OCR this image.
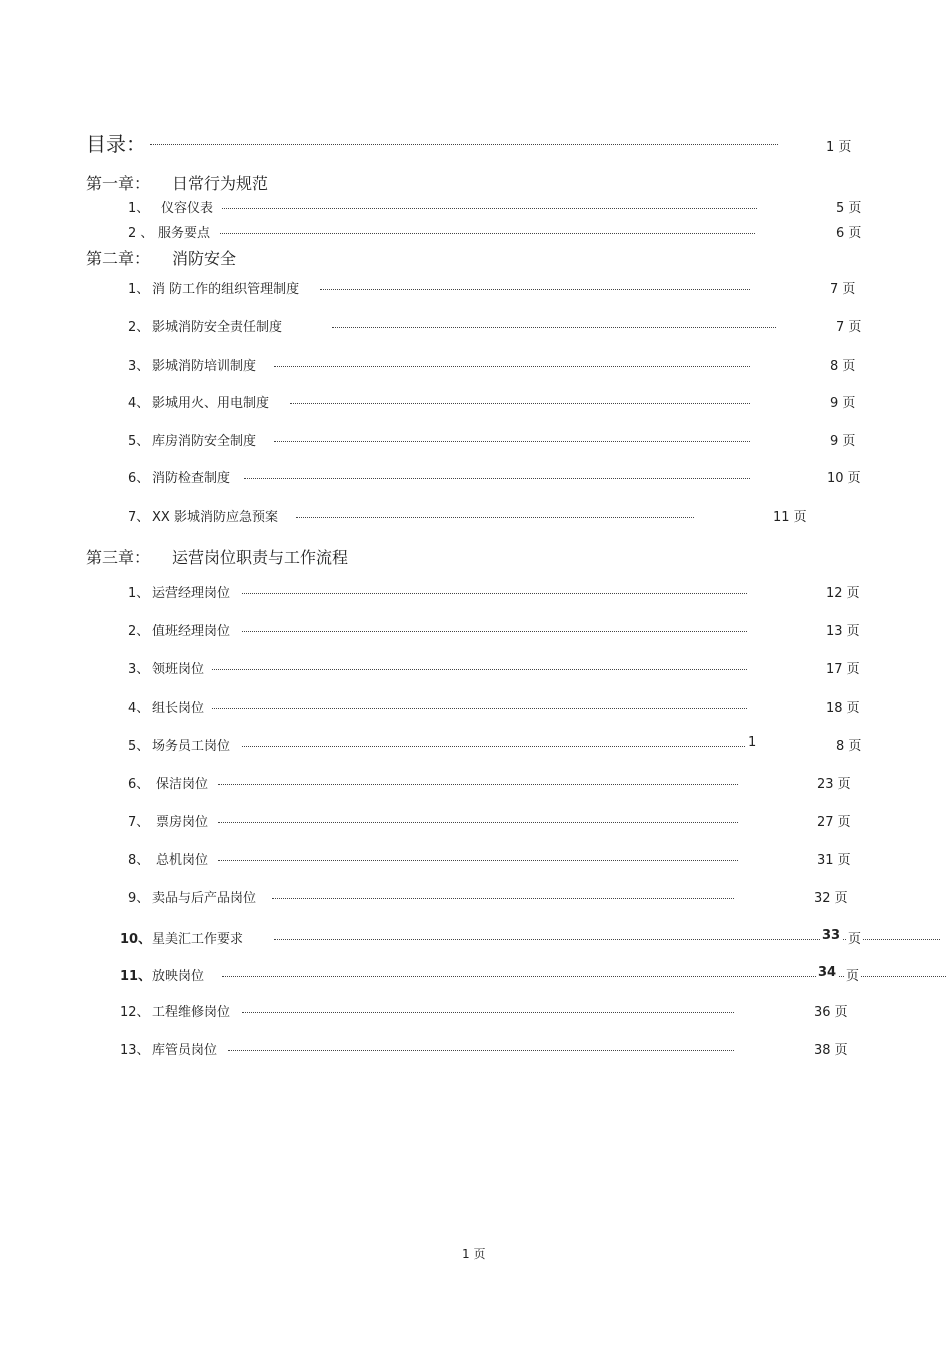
目录：	1 页
第一章： 日常行为规范
1、 仪容仪表	5 页
2 、 服务要点	6 页
第二章： 消防安全
1、 消 防工作的组织管理制度	7 页
2、 影城消防安全责任制度	7 页
3、 影城消防培训制度	8 页
4、 影城用火、用电制度	9 页
5、 库房消防安全制度	9 页
6、 消防检查制度	10 页
7、 XX 影城消防应急预案	11 页
第三章： 运营岗位职责与工作流程
1、 运营经理岗位	12 页
2、 值班经理岗位	13 页
3、 领班岗位	17 页
4、 组长岗位	18 页
5、 场务员工岗位	1	8 页
6、 保洁岗位	23 页
7、 票房岗位	27 页
8、 总机岗位	31 页
9、 卖品与后产品岗位	32 页
10、 星美汇工作要求	33 页
11、 放映岗位	34 页
12、 工程维修岗位	36 页
13、 库管员岗位	38 页
1 页
